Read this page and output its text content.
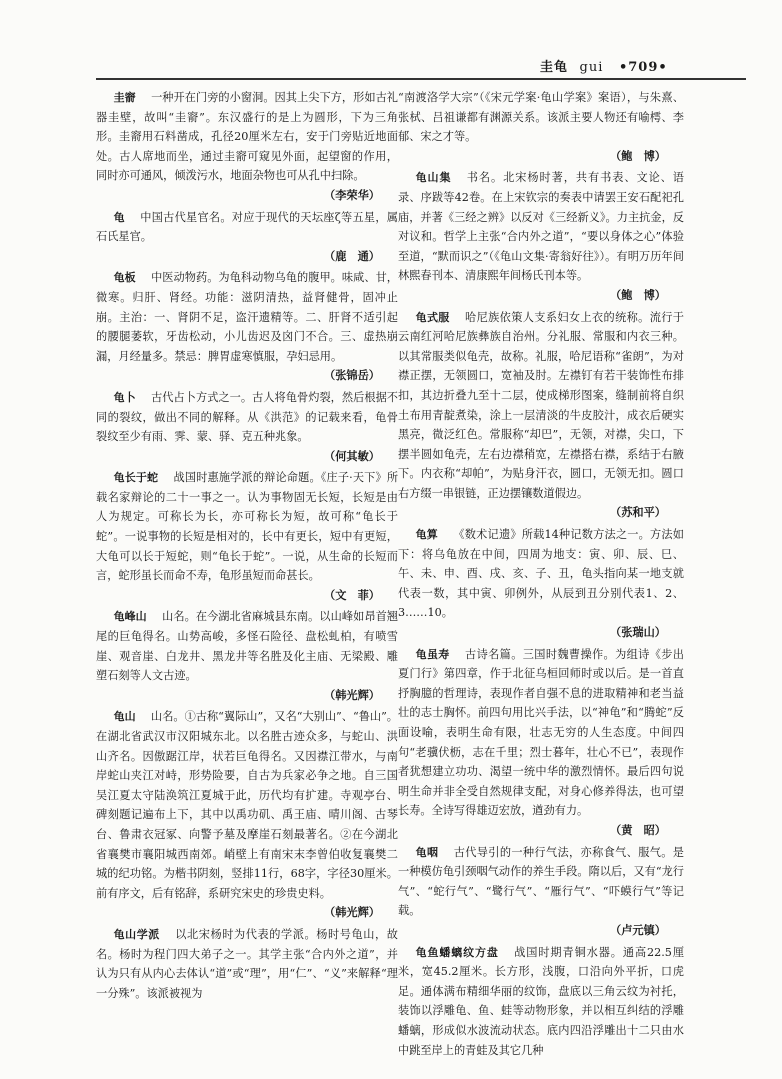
圭龟 gui •709•

圭窬 一种开在门旁的小窗洞。因其上尖下方，形如古礼器圭壁，故叫“圭窬”。东汉盛行的是上为圆形，下为三角形。圭窬用石料凿成，孔径20厘米左右，安于门旁贴近地面处。古人席地而坐，通过圭窬可窥见外面，起望窗的作用，同时亦可通风，倾泼污水，地面杂物也可从孔中扫除。

（李荣华）

龟 中国古代星官名。对应于现代的天坛座ζ等五星，属石氏星官。

（鹿　通）

龟板 中医动物药。为龟科动物乌龟的腹甲。味咸、甘，微寒。归肝、肾经。功能：滋阴清热，益肾健骨，固冲止崩。主治：一、肾阴不足，盗汗遗精等。二、肝肾不适引起的腰腿萎软，牙齿松动，小儿齿迟及囟门不合。三、虚热崩漏，月经量多。禁忌：脾胃虚寒慎服，孕妇忌用。

（张锦岳）

龟卜 古代占卜方式之一。古人将龟骨灼裂，然后根据不同的裂纹，做出不同的解释。从《洪范》的记载来看，龟骨裂纹至少有雨、霁、蒙、驿、克五种兆象。

（何其敏）

龟长于蛇 战国时惠施学派的辩论命题。《庄子·天下》所载名家辩论的二十一事之一。认为事物固无长短，长短是由人为规定。可称长为长，亦可称长为短，故可称“龟长于蛇”。一说事物的长短是相对的，长中有更长，短中有更短，大龟可以长于短蛇，则“龟长于蛇”。一说，从生命的长短而言，蛇形虽长而命不寿，龟形虽短而命甚长。

（文　菲）

龟峰山 山名。在今湖北省麻城县东南。以山峰如昂首翘尾的巨龟得名。山势高峻，多怪石险径、盘松虬柏，有喷雪崖、观音崖、白龙井、黑龙井等名胜及化主庙、无梁殿、雕塑石刻等人文古迹。

（韩光辉）

龟山 山名。①古称“翼际山”，又名“大别山”、“鲁山”。在湖北省武汉市汉阳城东北。以名胜古迹众多，与蛇山、洪山齐名。因傲踞江岸，状若巨龟得名。又因襟江带水，与南岸蛇山夹江对峙，形势险要，自古为兵家必争之地。自三国吴江夏太守陆涣筑江夏城于此，历代均有扩建。寺观亭台、碑刻题记遍布上下，其中以禹功矶、禹王庙、晴川阁、古琴台、鲁肃衣冠冢、向警予墓及摩崖石刻最著名。②在今湖北省襄樊市襄阳城西南郊。峭壁上有南宋末李曾伯收复襄樊二城的纪功铭。为楷书阴刻，竖排11行，68字，字径30厘米。前有序文，后有铭辞，系研究宋史的珍贵史料。

（韩光辉）

龟山学派 以北宋杨时为代表的学派。杨时号龟山，故名。杨时为程门四大弟子之一。其学主张“合内外之道”，并认为只有从内心去体认“道”或“理”，用“仁”、“义”来解释“理一分殊”。该派被视为

“南渡洛学大宗”（《宋元学案·龟山学案》案语），与朱熹、张栻、吕祖谦都有渊源关系。该派主要人物还有喻樗、李郁、宋之才等。

（鲍　博）

龟山集 书名。北宋杨时著，共有书表、文论、语录、序跋等42卷。在上宋钦宗的奏表中请罢王安石配祀孔庙，并著《三经之辨》以反对《三经新义》。力主抗金，反对议和。哲学上主张“合内外之道”，“要以身体之心”体验至道，“默而识之”（《龟山文集·寄翁好往》）。有明万历年间林熙春刊本、清康熙年间杨氏刊本等。

（鲍　博）

龟式服 哈尼族依策人支系妇女上衣的统称。流行于云南红河哈尼族彝族自治州。分礼服、常服和内衣三种。以其常服类似龟壳，故称。礼服，哈尼语称“雀朗”，为对襟正摆，无领圆口，宽袖及肘。左襟钉有若干装饰性布排扣，其边折叠九至十二层，使成梯形图案，缝制前将自织土布用青靛煮染，涂上一层清淡的牛皮胶汁，成衣后硬实黑亮，微泛红色。常服称“却巴”，无领，对襟，尖口，下摆半圆如龟壳，左右边襟稍宽，左襟搭右襟，系结于右腋下。内衣称“却帕”，为贴身汗衣，圆口，无领无扣。圆口右方缀一串银链，正边摆镶数道假边。

（苏和平）

龟算 《数术记遗》所载14种记数方法之一。方法如下：将乌龟放在中间，四周为地支：寅、卯、辰、巳、午、未、申、酉、戌、亥、子、丑，龟头指向某一地支就代表一数，其中寅、卯例外，从辰到丑分别代表1、2、3……10。

（张瑞山）

龟虽寿 古诗名篇。三国时魏曹操作。为组诗《步出夏门行》第四章，作于北征乌桓回师时或以后。是一首直抒胸臆的哲理诗，表现作者自强不息的进取精神和老当益壮的志士胸怀。前四句用比兴手法，以“神龟”和“腾蛇”反面设喻，表明生命有限，壮志无穷的人生态度。中间四句“老骥伏枥，志在千里；烈士暮年，壮心不已”，表现作者犹想建立功功、渴望一统中华的激烈情怀。最后四句说明生命并非全受自然规律支配，对身心修养得法，也可望长寿。全诗写得雄迈宏放，遒劲有力。

（黄　昭）

龟咽 古代导引的一种行气法，亦称食气、服气。是一种模仿龟引颈咽气动作的养生手段。隋以后，又有“龙行气”、“蛇行气”、“鹭行气”、“雁行气”、“吓蟆行气”等记载。

（卢元镇）

龟鱼蟠螭纹方盘 战国时期青铜水器。通高22.5厘米，宽45.2厘米。长方形，浅腹，口沿向外平折，口虎足。通体满布精细华丽的纹饰，盘底以三角云纹为衬托，装饰以浮雕龟、鱼、蛙等动物形象，并以相互纠结的浮雕蟠螭，形成似水波流动状态。底内四沿浮雕出十二只由水中跳至岸上的青蛙及其它几种
